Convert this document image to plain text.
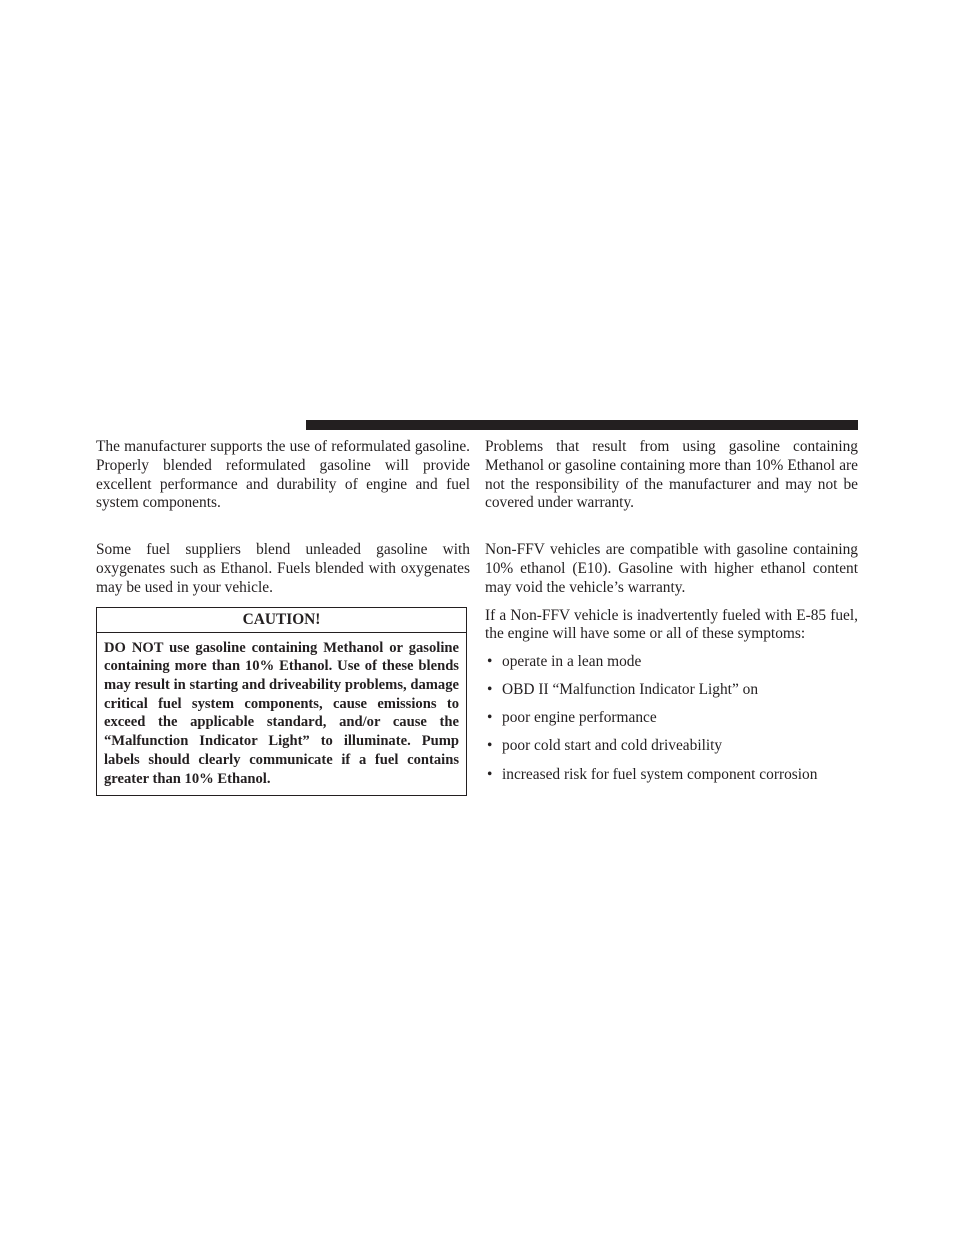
The manufacturer supports the use of reformulated gasoline. Properly blended reformulated gasoline will provide excellent performance and durability of engine and fuel system components.

Some fuel suppliers blend unleaded gasoline with oxygenates such as Ethanol. Fuels blended with oxygenates may be used in your vehicle.

CAUTION!

DO NOT use gasoline containing Methanol or gasoline containing more than 10% Ethanol. Use of these blends may result in starting and driveability problems, damage critical fuel system components, cause emissions to exceed the applicable standard, and/or cause the “Malfunction Indicator Light” to illuminate. Pump labels should clearly communicate if a fuel contains greater than 10% Ethanol.

Problems that result from using gasoline containing Methanol or gasoline containing more than 10% Ethanol are not the responsibility of the manufacturer and may not be covered under warranty.

Non-FFV vehicles are compatible with gasoline containing 10% ethanol (E10). Gasoline with higher ethanol content may void the vehicle’s warranty.

If a Non-FFV vehicle is inadvertently fueled with E-85 fuel, the engine will have some or all of these symptoms:

• operate in a lean mode
• OBD II “Malfunction Indicator Light” on
• poor engine performance
• poor cold start and cold driveability
• increased risk for fuel system component corrosion
